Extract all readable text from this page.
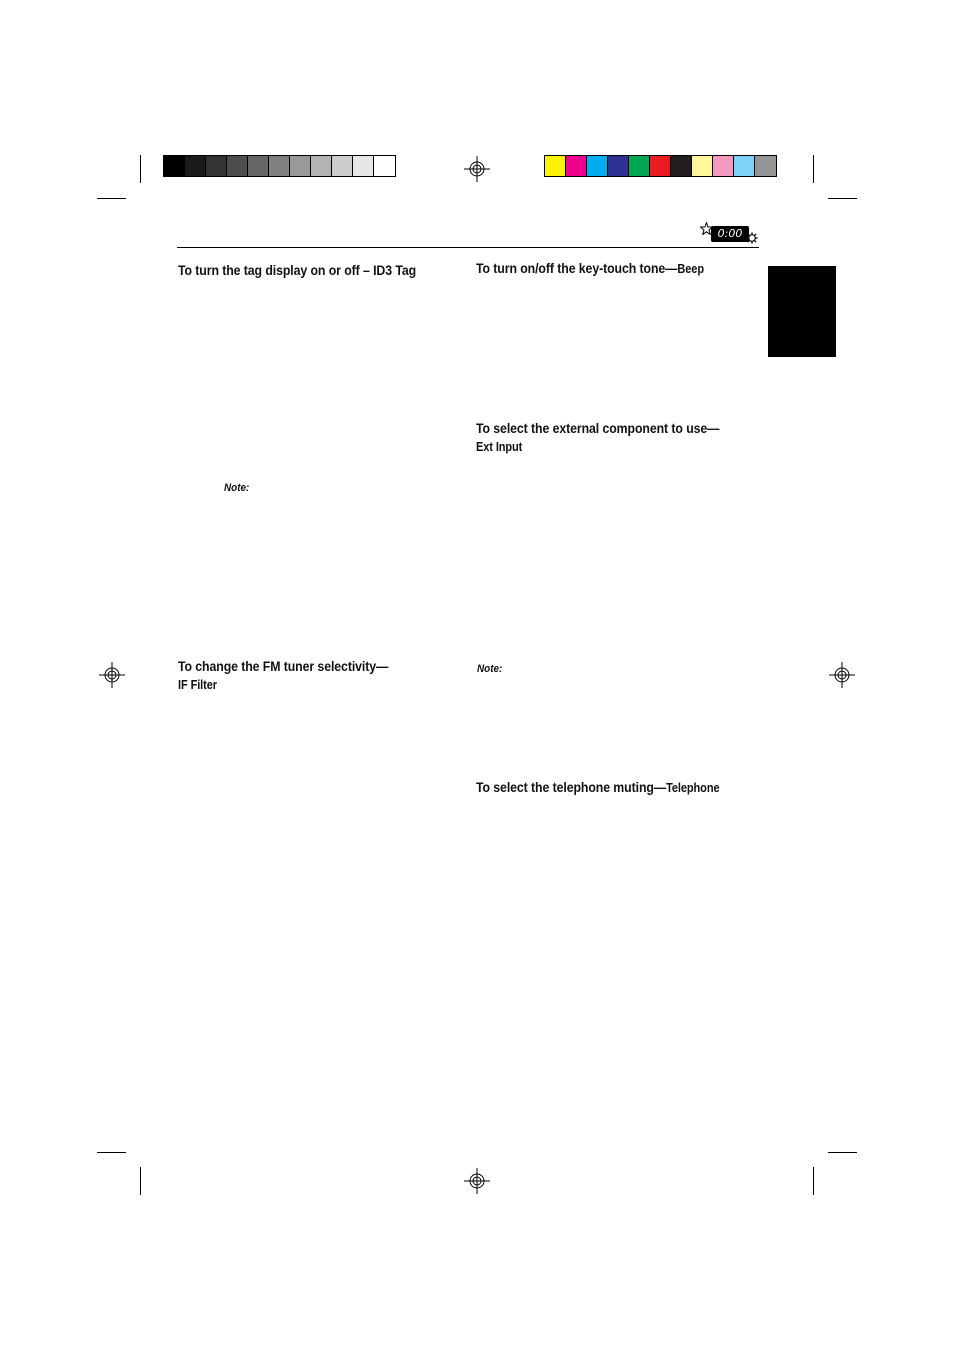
0:00
To turn the tag display on or off – ID3 Tag
Note:
To change the FM tuner selectivity—
IF Filter
To turn on/off the key-touch tone—Beep
To select the external component to use—
Ext Input
Note:
To select the telephone muting—Telephone
